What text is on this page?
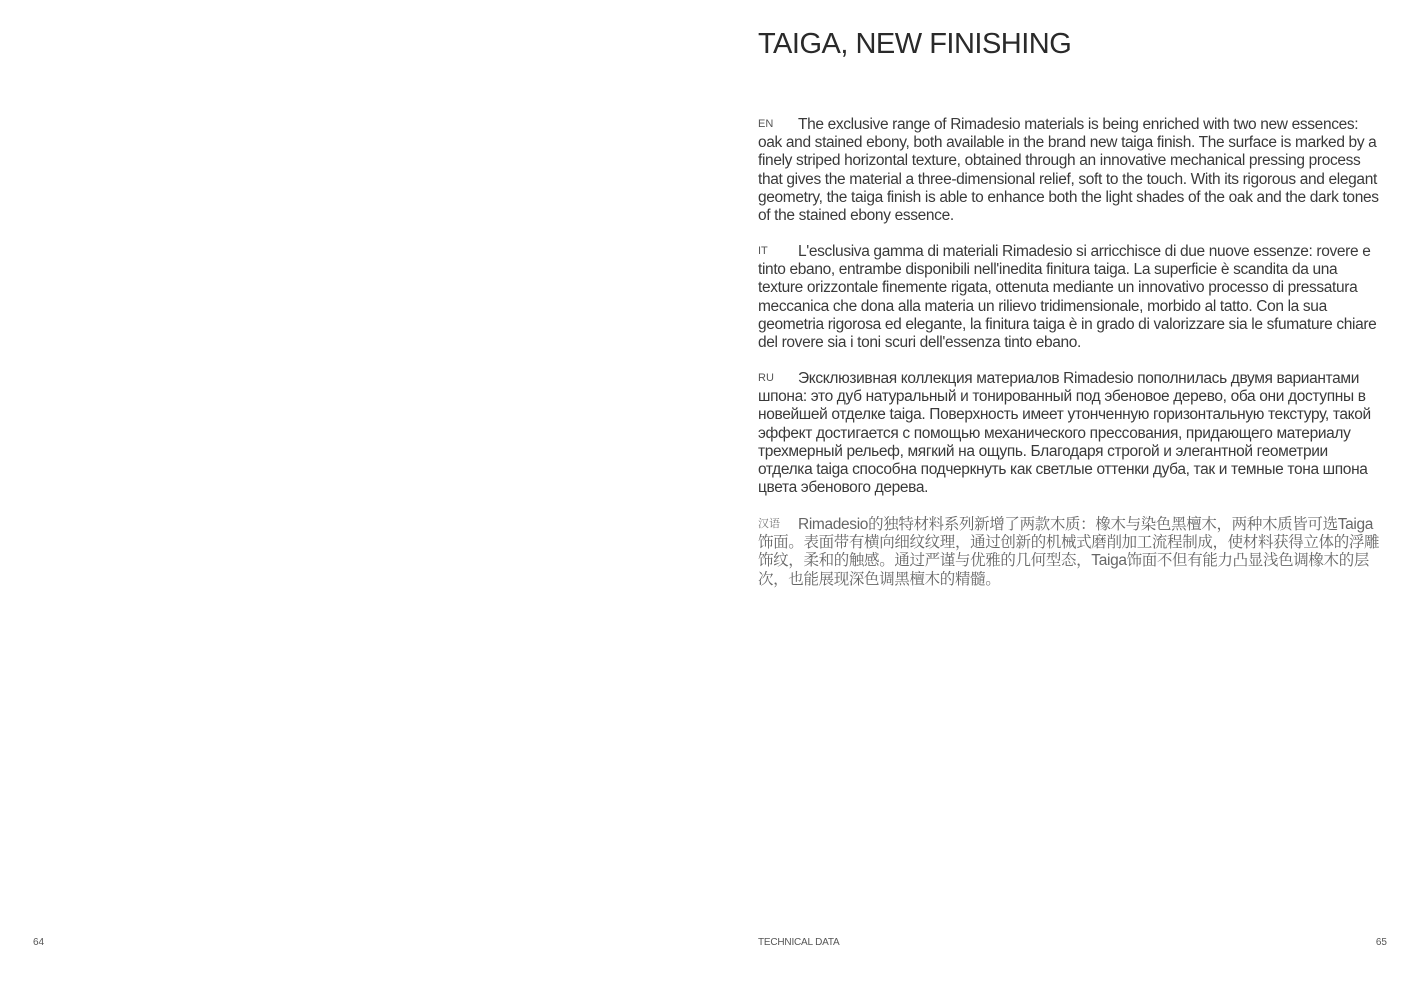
TAIGA, NEW FINISHING

EN The exclusive range of Rimadesio materials is being enriched with two new essences: oak and stained ebony, both available in the brand new taiga finish. The surface is marked by a finely striped horizontal texture, obtained through an innovative mechanical pressing process that gives the material a three-dimensional relief, soft to the touch. With its rigorous and elegant geometry, the taiga finish is able to enhance both the light shades of the oak and the dark tones of the stained ebony essence.

IT L'esclusiva gamma di materiali Rimadesio si arricchisce di due nuove essenze: rovere e tinto ebano, entrambe disponibili nell'inedita finitura taiga. La superficie è scandita da una texture orizzontale finemente rigata, ottenuta mediante un innovativo processo di pressatura meccanica che dona alla materia un rilievo tridimensionale, morbido al tatto. Con la sua geometria rigorosa ed elegante, la finitura taiga è in grado di valorizzare sia le sfumature chiare del rovere sia i toni scuri dell'essenza tinto ebano.

RU Эксклюзивная коллекция материалов Rimadesio пополнилась двумя вариантами шпона: это дуб натуральный и тонированный под эбеновое дерево, оба они доступны в новейшей отделке taiga. Поверхность имеет утонченную горизонтальную текстуру, такой эффект достигается с помощью механического прессования, придающего материалу трехмерный рельеф, мягкий на ощупь. Благодаря строгой и элегантной геометрии отделка taiga способна подчеркнуть как светлые оттенки дуба, так и темные тона шпона цвета эбенового дерева.

汉语 Rimadesio的独特材料系列新增了两款木质：橡木与染色黑檀木，两种木质皆可选Taiga饰面。表面带有横向细纹纹理，通过创新的机械式磨削加工流程制成，使材料获得立体的浮雕饰纹，柔和的触感。通过严谨与优雅的几何型态，Taiga饰面不但有能力凸显浅色调橡木的层次，也能展现深色调黑檀木的精髓。

64	TECHNICAL DATA	65
